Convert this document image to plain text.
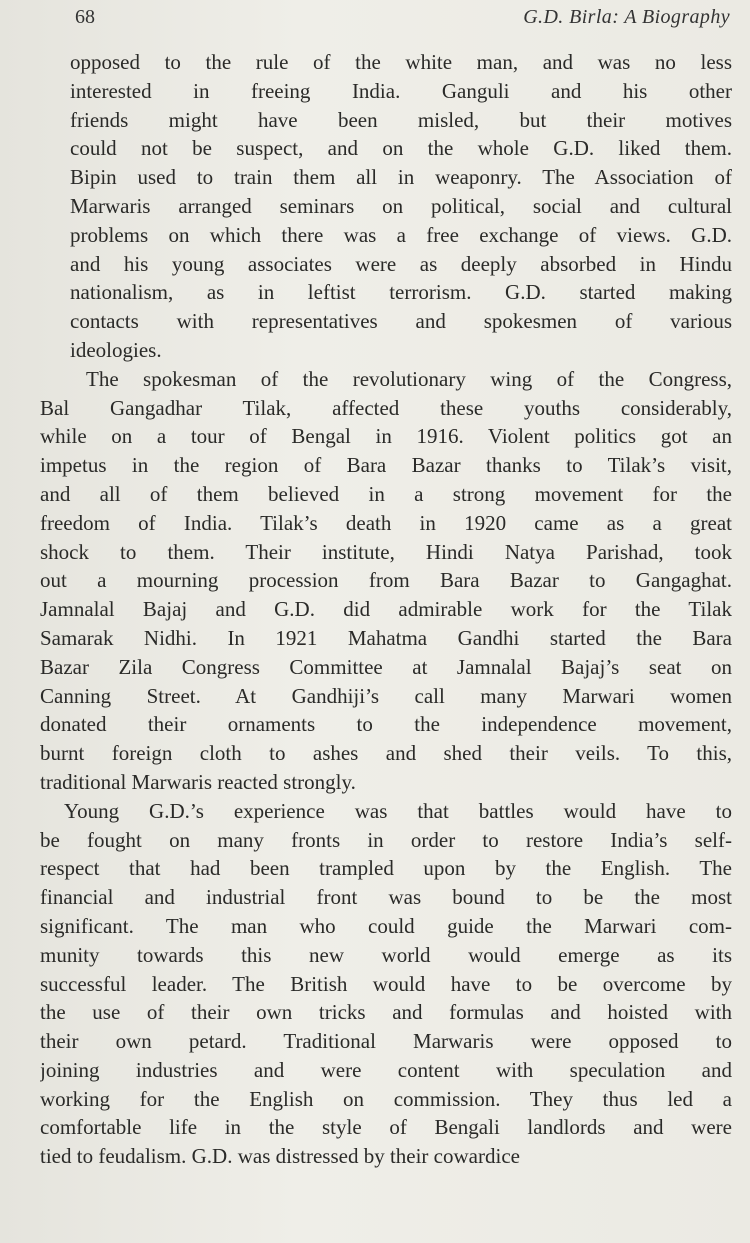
68	G.D. Birla: A Biography

opposed to the rule of the white man, and was no less
interested in freeing India. Ganguli and his other
friends might have been misled, but their motives
could not be suspect, and on the whole G.D. liked them.
Bipin used to train them all in weaponry. The Association of
Marwaris arranged seminars on political, social and cultural
problems on which there was a free exchange of views. G.D.
and his young associates were as deeply absorbed in Hindu
nationalism, as in leftist terrorism. G.D. started making
contacts with representatives and spokesmen of various
ideologies.

The spokesman of the revolutionary wing of the Congress,
Bal Gangadhar Tilak, affected these youths considerably,
while on a tour of Bengal in 1916. Violent politics got an
impetus in the region of Bara Bazar thanks to Tilak’s visit,
and all of them believed in a strong movement for the
freedom of India. Tilak’s death in 1920 came as a great
shock to them. Their institute, Hindi Natya Parishad, took
out a mourning procession from Bara Bazar to Gangaghat.
Jamnalal Bajaj and G.D. did admirable work for the Tilak
Samarak Nidhi. In 1921 Mahatma Gandhi started the Bara
Bazar Zila Congress Committee at Jamnalal Bajaj’s seat on
Canning Street. At Gandhiji’s call many Marwari women
donated their ornaments to the independence movement,
burnt foreign cloth to ashes and shed their veils. To this,
traditional Marwaris reacted strongly.

Young G.D.’s experience was that battles would have to
be fought on many fronts in order to restore India’s self-
respect that had been trampled upon by the English. The
financial and industrial front was bound to be the most
significant. The man who could guide the Marwari com-
munity towards this new world would emerge as its
successful leader. The British would have to be overcome by
the use of their own tricks and formulas and hoisted with
their own petard. Traditional Marwaris were opposed to
joining industries and were content with speculation and
working for the English on commission. They thus led a
comfortable life in the style of Bengali landlords and were
tied to feudalism. G.D. was distressed by their cowardice
